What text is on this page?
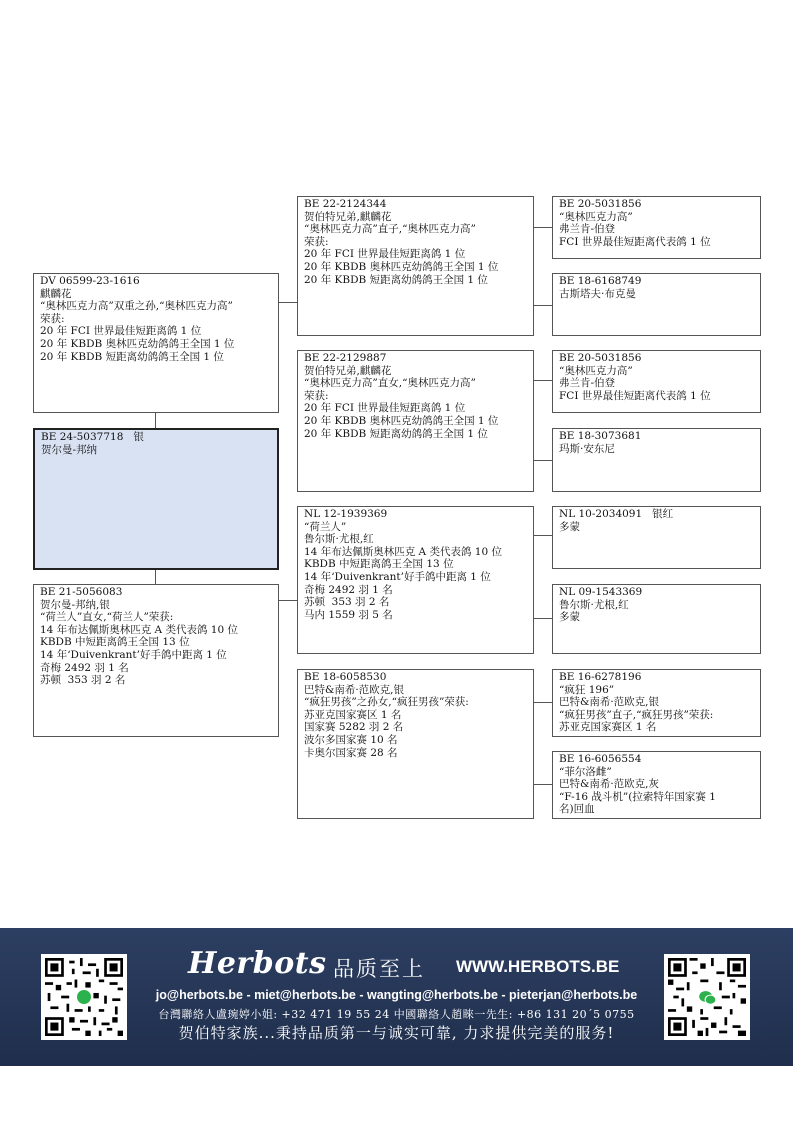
DV 06599-23-1616
麒麟花
“奥林匹克力高”双重之孙,“奥林匹克力高”
荣获:
20 年 FCI 世界最佳短距离鸽 1 位
20 年 KBDB 奥林匹克幼鸽鸽王全国 1 位
20 年 KBDB 短距离幼鸽鸽王全国 1 位
BE 24-5037718   银
贺尔曼-邦纳
BE 21-5056083
贺尔曼-邦纳,银
“荷兰人”直女,“荷兰人”荣获:
14 年布达佩斯奥林匹克 A 类代表鸽 10 位
KBDB 中短距离鸽王全国 13 位
14 年‘Duivenkrant’好手鸽中距离 1 位
奇梅 2492 羽 1 名
苏顿  353 羽 2 名
BE 22-2124344
贺伯特兄弟,麒麟花
“奥林匹克力高”直子,“奥林匹克力高”
荣获:
20 年 FCI 世界最佳短距离鸽 1 位
20 年 KBDB 奥林匹克幼鸽鸽王全国 1 位
20 年 KBDB 短距离幼鸽鸽王全国 1 位
BE 22-2129887
贺伯特兄弟,麒麟花
“奥林匹克力高”直女,“奥林匹克力高”
荣获:
20 年 FCI 世界最佳短距离鸽 1 位
20 年 KBDB 奥林匹克幼鸽鸽王全国 1 位
20 年 KBDB 短距离幼鸽鸽王全国 1 位
NL 12-1939369
“荷兰人”
鲁尔斯·尤根,红
14 年布达佩斯奥林匹克 A 类代表鸽 10 位
KBDB 中短距离鸽王全国 13 位
14 年‘Duivenkrant’好手鸽中距离 1 位
奇梅 2492 羽 1 名
苏顿  353 羽 2 名
马内 1559 羽 5 名
BE 18-6058530
巴特&南希·范欧克,银
“疯狂男孩”之孙女,“疯狂男孩”荣获:
苏亚克国家赛区 1 名
国家赛 5282 羽 2 名
波尔多国家赛 10 名
卡奥尔国家赛 28 名
BE 20-5031856
“奥林匹克力高”
弗兰肯-伯登
FCI 世界最佳短距离代表鸽 1 位
BE 18-6168749
古斯塔夫·布克曼
BE 20-5031856
“奥林匹克力高”
弗兰肯-伯登
FCI 世界最佳短距离代表鸽 1 位
BE 18-3073681
玛斯·安东尼
NL 10-2034091   银红
多蒙
NL 09-1543369
鲁尔斯·尤根,红
多蒙
BE 16-6278196
“疯狂 196”
巴特&南希·范欧克,银
“疯狂男孩”直子,“疯狂男孩”荣获:
苏亚克国家赛区 1 名
BE 16-6056554
“菲尔洛雌”
巴特&南希·范欧克,灰
“F-16 战斗机”(拉索特年国家赛 1
名)回血
Herbots 品质至上 WWW.HERBOTS.BE
jo@herbots.be - miet@herbots.be - wangting@herbots.be - pieterjan@herbots.be
台灣聯絡人盧琬婷小姐: +32 471 19 55 24 中國聯絡人趙睞一先生: +86 131 20´5 0755
贺伯特家族...秉持品质第一与诚实可靠, 力求提供完美的服务!
